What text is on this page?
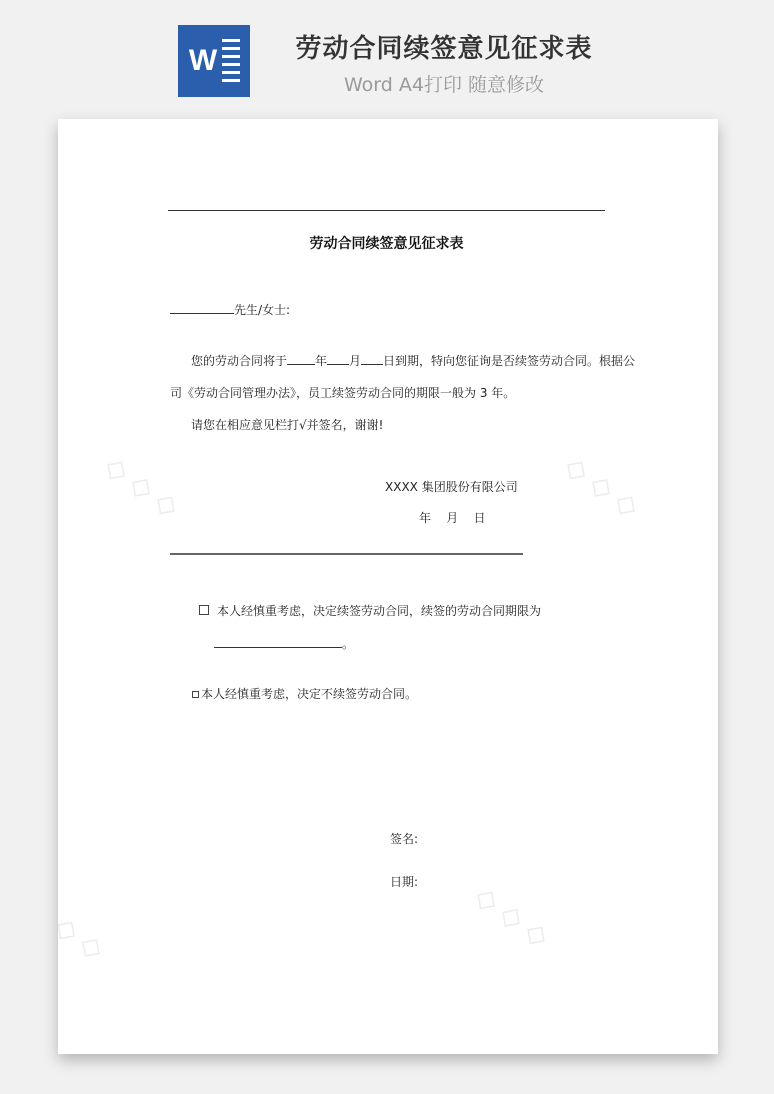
W	劳动合同续签意见征求表
Word A4打印 随意修改
劳动合同续签意见征求表
先生/女士:
您的劳动合同将于 年 月 日到期，特向您征询是否续签劳动合同。根据公
司《劳动合同管理办法》，员工续签劳动合同的期限一般为 3 年。
请您在相应意见栏打√并签名，谢谢!
XXXX 集团股份有限公司
年    月    日
本人经慎重考虑，决定续签劳动合同，续签的劳动合同期限为
。
本人经慎重考虑，决定不续签劳动合同。
签名:
日期:
◇ ◇ ◇	◇ ◇ ◇
◇ ◇ ◇
◇ ◇
